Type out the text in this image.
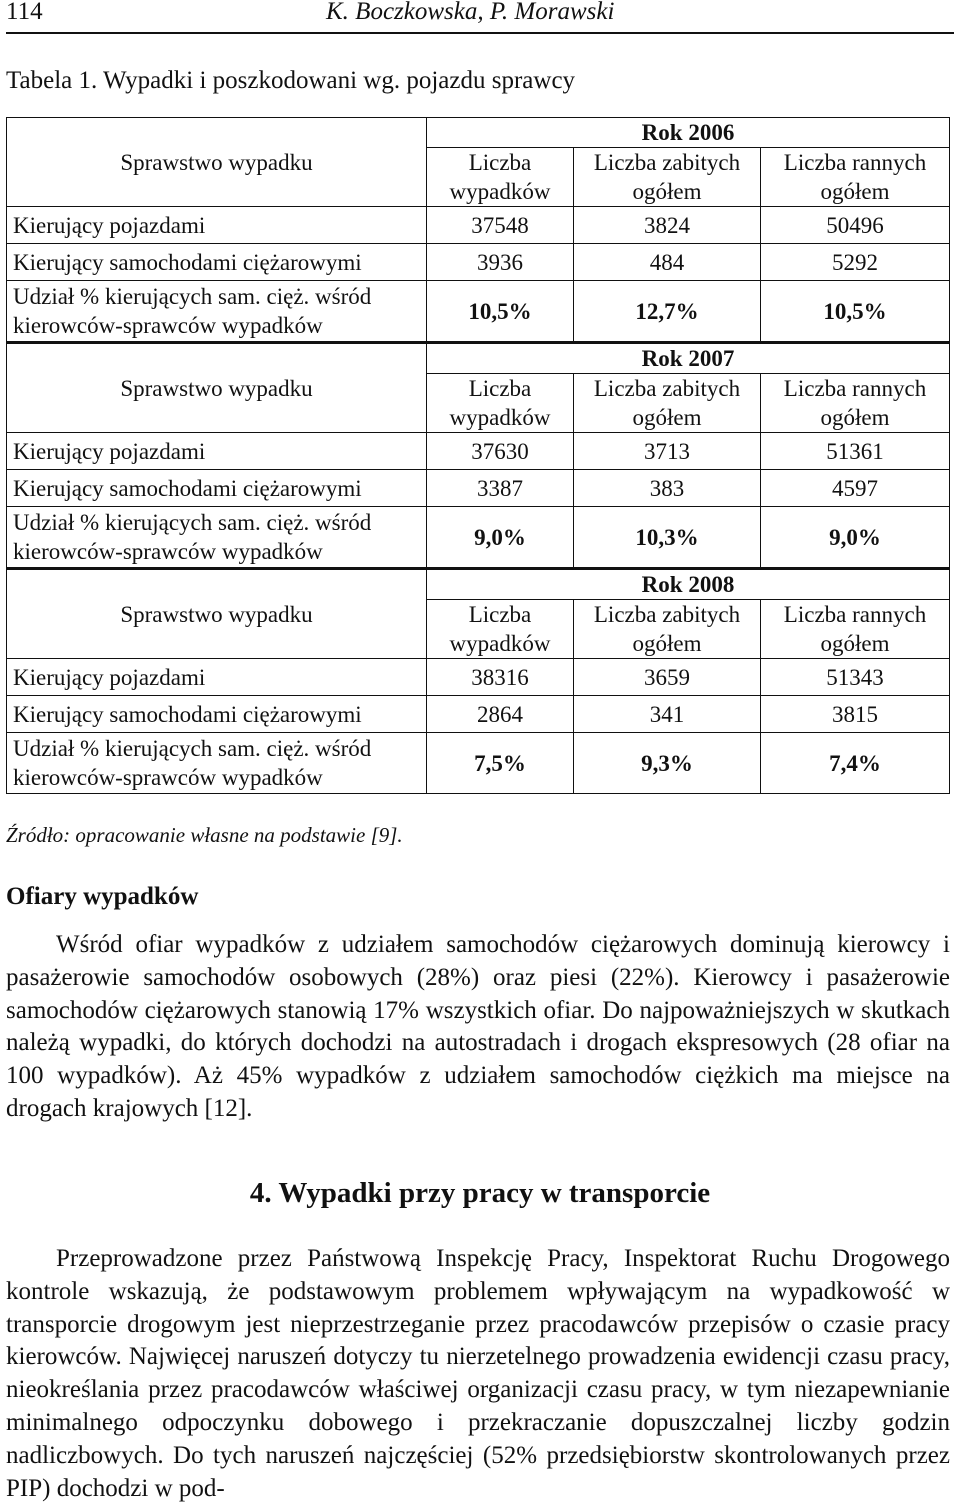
114	K. Boczkowska, P. Morawski
Tabela 1. Wypadki i poszkodowani wg. pojazdu sprawcy
Sprawstwo wypadku	Rok 2006		
	Liczba wypadków	Liczba zabitych ogółem	Liczba rannych ogółem
Kierujący pojazdami	37548	3824	50496
Kierujący samochodami ciężarowymi	3936	484	5292
Udział % kierujących sam. cięż. wśród kierowców-sprawców wypadków	10,5%	12,7%	10,5%
Sprawstwo wypadku	Rok 2007		
	Liczba wypadków	Liczba zabitych ogółem	Liczba rannych ogółem
Kierujący pojazdami	37630	3713	51361
Kierujący samochodami ciężarowymi	3387	383	4597
Udział % kierujących sam. cięż. wśród kierowców-sprawców wypadków	9,0%	10,3%	9,0%
Sprawstwo wypadku	Rok 2008		
	Liczba wypadków	Liczba zabitych ogółem	Liczba rannych ogółem
Kierujący pojazdami	38316	3659	51343
Kierujący samochodami ciężarowymi	2864	341	3815
Udział % kierujących sam. cięż. wśród kierowców-sprawców wypadków	7,5%	9,3%	7,4%
Źródło: opracowanie własne na podstawie [9].
Ofiary wypadków
Wśród ofiar wypadków z udziałem samochodów ciężarowych dominują kierowcy i pasażerowie samochodów osobowych (28%) oraz piesi (22%). Kierowcy i pasażerowie samochodów ciężarowych stanowią 17% wszystkich ofiar. Do najpoważniejszych w skutkach należą wypadki, do których dochodzi na autostradach i drogach ekspresowych (28 ofiar na 100 wypadków). Aż 45% wypadków z udziałem samochodów ciężkich ma miejsce na drogach krajowych [12].
4. Wypadki przy pracy w transporcie
Przeprowadzone przez Państwową Inspekcję Pracy, Inspektorat Ruchu Drogowego kontrole wskazują, że podstawowym problemem wpływającym na wypadkowość w transporcie drogowym jest nieprzestrzeganie przez pracodawców przepisów o czasie pracy kierowców. Najwięcej naruszeń dotyczy tu nierzetelnego prowadzenia ewidencji czasu pracy, nieokreślania przez pracodawców właściwej organizacji czasu pracy, w tym niezapewnianie minimalnego odpoczynku dobowego i przekraczanie dopuszczalnej liczby godzin nadliczbowych. Do tych naruszeń najczęściej (52% przedsiębiorstw skontrolowanych przez PIP) dochodzi w pod-
